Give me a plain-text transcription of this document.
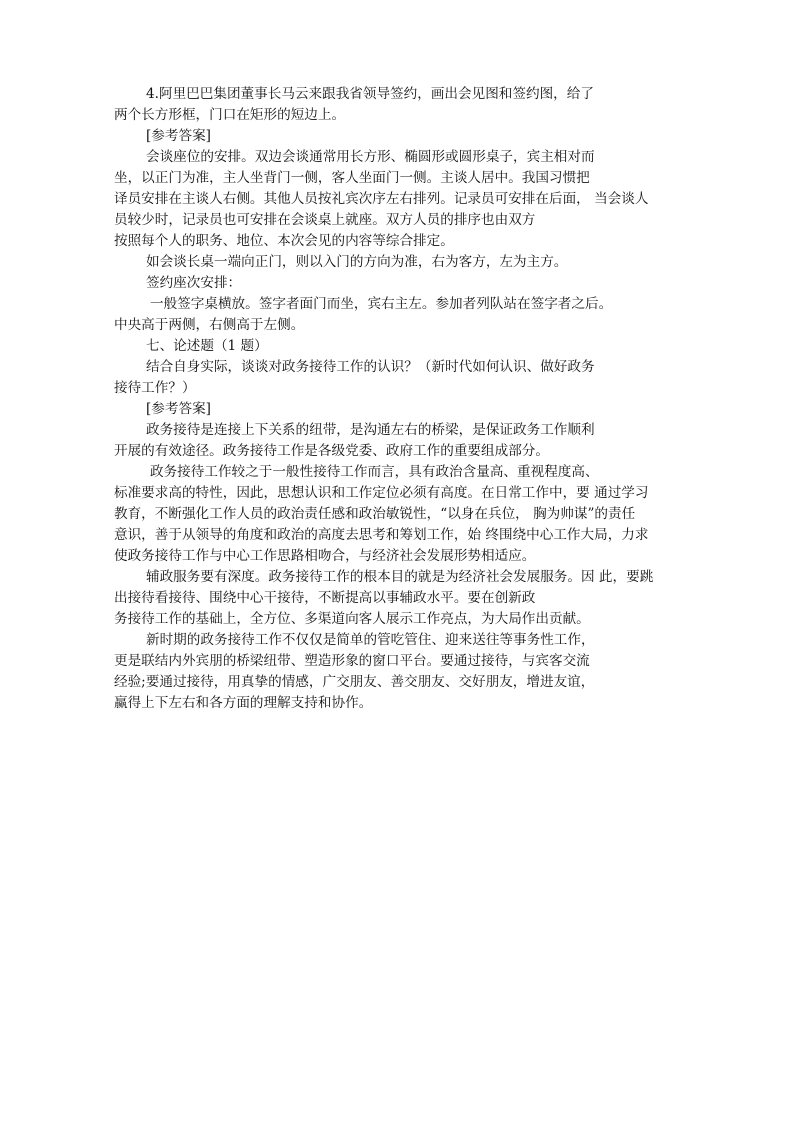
4.阿里巴巴集团董事长马云来跟我省领导签约，画出会见图和签约图，给了
两个长方形框，门口在矩形的短边上。
[参考答案]
会谈座位的安排。双边会谈通常用长方形、椭圆形或圆形桌子，宾主相对而
坐，以正门为准，主人坐背门一侧，客人坐面门一侧。主谈人居中。我国习惯把
译员安排在主谈人右侧。其他人员按礼宾次序左右排列。记录员可安排在后面， 当会谈人
员较少时，记录员也可安排在会谈桌上就座。双方人员的排序也由双方
按照每个人的职务、地位、本次会见的内容等综合排定。
如会谈长桌一端向正门，则以入门的方向为准，右为客方，左为主方。
签约座次安排：
一般签字桌横放。签字者面门而坐，宾右主左。参加者列队站在签字者之后。
中央高于两侧，右侧高于左侧。
七、论述题（1 题）
结合自身实际，谈谈对政务接待工作的认识？（新时代如何认识、做好政务
接待工作？）
[参考答案]
政务接待是连接上下关系的纽带，是沟通左右的桥梁，是保证政务工作顺利
开展的有效途径。政务接待工作是各级党委、政府工作的重要组成部分。
政务接待工作较之于一般性接待工作而言，具有政治含量高、重视程度高、
标准要求高的特性，因此，思想认识和工作定位必须有高度。在日常工作中，要 通过学习
教育，不断强化工作人员的政治责任感和政治敏锐性，“以身在兵位， 胸为帅谋”的责任
意识，善于从领导的角度和政治的高度去思考和筹划工作，始 终围绕中心工作大局，力求
使政务接待工作与中心工作思路相吻合，与经济社会发展形势相适应。
辅政服务要有深度。政务接待工作的根本目的就是为经济社会发展服务。因 此，要跳
出接待看接待、围绕中心干接待，不断提高以事辅政水平。要在创新政
务接待工作的基础上，全方位、多渠道向客人展示工作亮点，为大局作出贡献。
新时期的政务接待工作不仅仅是简单的管吃管住、迎来送往等事务性工作，
更是联结内外宾朋的桥梁纽带、塑造形象的窗口平台。要通过接待，与宾客交流
经验;要通过接待，用真挚的情感，广交朋友、善交朋友、交好朋友，增进友谊，
赢得上下左右和各方面的理解支持和协作。
